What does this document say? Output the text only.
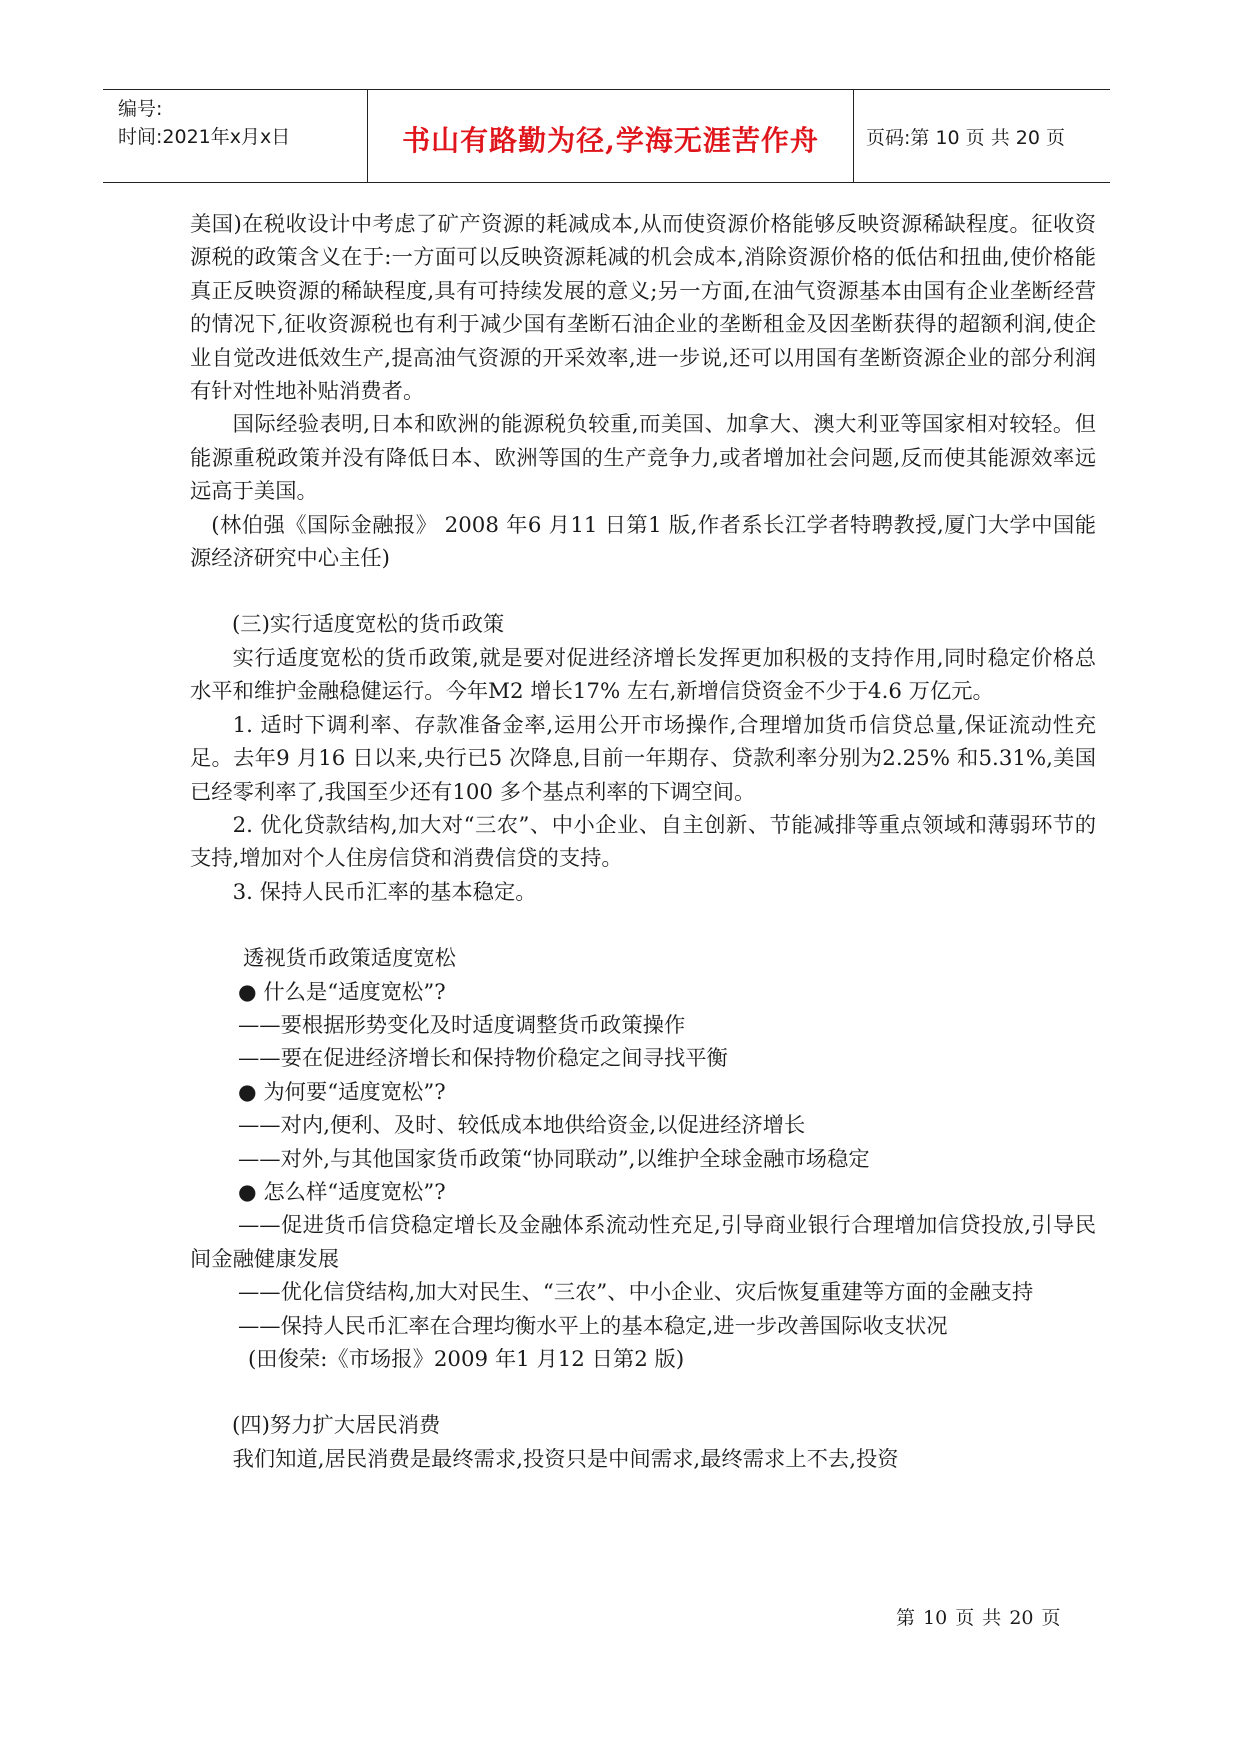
编号:
时间:2021年x月x日	书山有路勤为径,学海无涯苦作舟	页码:第 10 页 共 20 页

美国)在税收设计中考虑了矿产资源的耗减成本,从而使资源价格能够反映资源稀缺程度。征收资源税的政策含义在于:一方面可以反映资源耗减的机会成本,消除资源价格的低估和扭曲,使价格能真正反映资源的稀缺程度,具有可持续发展的意义;另一方面,在油气资源基本由国有企业垄断经营的情况下,征收资源税也有利于减少国有垄断石油企业的垄断租金及因垄断获得的超额利润,使企业自觉改进低效生产,提高油气资源的开采效率,进一步说,还可以用国有垄断资源企业的部分利润有针对性地补贴消费者。

国际经验表明,日本和欧洲的能源税负较重,而美国、加拿大、澳大利亚等国家相对较轻。但能源重税政策并没有降低日本、欧洲等国的生产竞争力,或者增加社会问题,反而使其能源效率远远高于美国。

(林伯强《国际金融报》 2008 年6 月11 日第1 版,作者系长江学者特聘教授,厦门大学中国能源经济研究中心主任)

(三)实行适度宽松的货币政策

实行适度宽松的货币政策,就是要对促进经济增长发挥更加积极的支持作用,同时稳定价格总水平和维护金融稳健运行。今年M2 增长17% 左右,新增信贷资金不少于4.6 万亿元。

1. 适时下调利率、存款准备金率,运用公开市场操作,合理增加货币信贷总量,保证流动性充足。去年9 月16 日以来,央行已5 次降息,目前一年期存、贷款利率分别为2.25% 和5.31%,美国已经零利率了,我国至少还有100 多个基点利率的下调空间。

2. 优化贷款结构,加大对“三农”、中小企业、自主创新、节能减排等重点领域和薄弱环节的支持,增加对个人住房信贷和消费信贷的支持。

3. 保持人民币汇率的基本稳定。

透视货币政策适度宽松

● 什么是“适度宽松”?

——要根据形势变化及时适度调整货币政策操作

——要在促进经济增长和保持物价稳定之间寻找平衡

● 为何要“适度宽松”?

——对内,便利、及时、较低成本地供给资金,以促进经济增长

——对外,与其他国家货币政策“协同联动”,以维护全球金融市场稳定

● 怎么样“适度宽松”?

——促进货币信贷稳定增长及金融体系流动性充足,引导商业银行合理增加信贷投放,引导民间金融健康发展

——优化信贷结构,加大对民生、“三农”、中小企业、灾后恢复重建等方面的金融支持

——保持人民币汇率在合理均衡水平上的基本稳定,进一步改善国际收支状况

(田俊荣:《市场报》2009 年1 月12 日第2 版)

(四)努力扩大居民消费

我们知道,居民消费是最终需求,投资只是中间需求,最终需求上不去,投资

第 10 页 共 20 页
